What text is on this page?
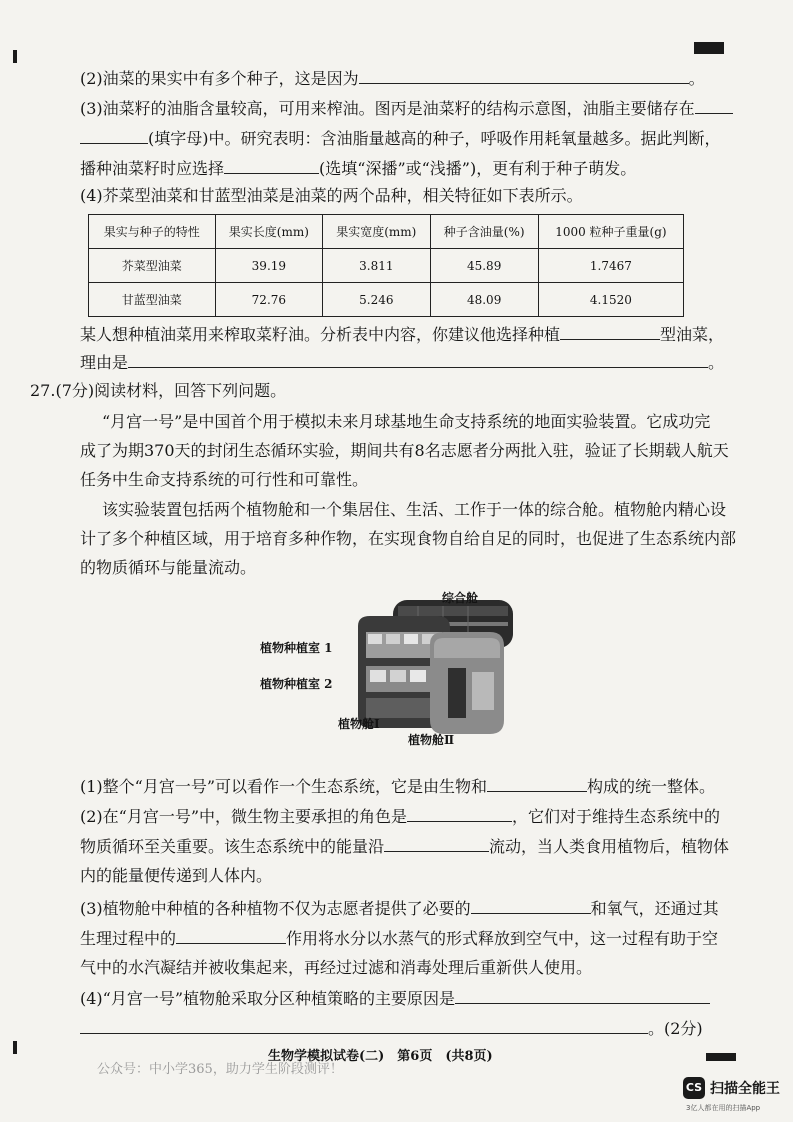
(2)油菜的果实中有多个种子，这是因为	。
(3)油菜籽的油脂含量较高，可用来榨油。图丙是油菜籽的结构示意图，油脂主要储存在
(填字母)中。研究表明：含油脂量越高的种子，呼吸作用耗氧量越多。据此判断，
播种油菜籽时应选择	(选填“深播”或“浅播”)，更有利于种子萌发。
(4)芥菜型油菜和甘蓝型油菜是油菜的两个品种，相关特征如下表所示。
果实与种子的特性	果实长度(mm)	果实宽度(mm)	种子含油量(%)	1000 粒种子重量(g)
芥菜型油菜	39.19	3.811	45.89	1.7467
甘蓝型油菜	72.76	5.246	48.09	4.1520
某人想种植油菜用来榨取菜籽油。分析表中内容，你建议他选择种植	型油菜，
理由是	。
27.(7分)阅读材料，回答下列问题。
“月宫一号”是中国首个用于模拟未来月球基地生命支持系统的地面实验装置。它成功完
成了为期370天的封闭生态循环实验，期间共有8名志愿者分两批入驻，验证了长期载人航天
任务中生命支持系统的可行性和可靠性。
该实验装置包括两个植物舱和一个集居住、生活、工作于一体的综合舱。植物舱内精心设
计了多个种植区域，用于培育多种作物，在实现食物自给自足的同时，也促进了生态系统内部
的物质循环与能量流动。
综合舱
植物种植室 1
植物种植室 2
植物舱Ⅰ
植物舱Ⅱ
(1)整个“月宫一号”可以看作一个生态系统，它是由生物和	构成的统一整体。
(2)在“月宫一号”中，微生物主要承担的角色是	，它们对于维持生态系统中的
物质循环至关重要。该生态系统中的能量沿	流动，当人类食用植物后，植物体
内的能量便传递到人体内。
(3)植物舱中种植的各种植物不仅为志愿者提供了必要的	和氧气，还通过其
生理过程中的	作用将水分以水蒸气的形式释放到空气中，这一过程有助于空
气中的水汽凝结并被收集起来，再经过过滤和消毒处理后重新供人使用。
(4)“月宫一号”植物舱采取分区种植策略的主要原因是
。(2分)
生物学模拟试卷(二)　第6页　(共8页)
公众号：中小学365，助力学生阶段测评！
CS 扫描全能王
3亿人都在用的扫描App
